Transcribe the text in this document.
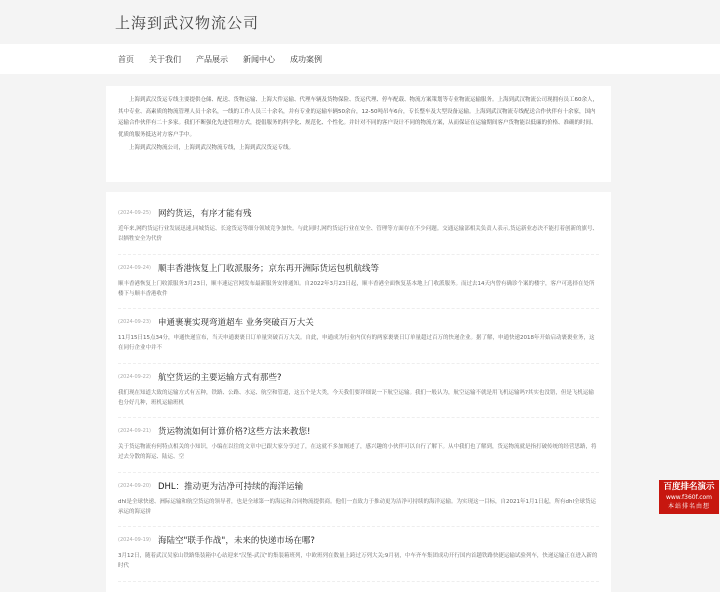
上海到武汉物流公司
首页 关于我们 产品展示 新闻中心 成功案例

上海到武汉货运专线主要提供仓储、配送、货物运输、上海大件运输、代理车辆及货物保险、货运代理、停车配载、物流方案策划等专业物流运输服务。上海到武汉物流公司现拥有员工60余人，其中专业、高素质的物流管理人员十余名，一线的工作人员三十余名，并有专业的运输车辆50余台，12-50吨吊车6台，专长整车及大型设备运输。上海到武汉物流专线配送合作伙伴有十余家，国内运输合作伙伴有二十多家。我们不断强化先进管理方式，提倡服务的科学化、规范化、个性化。并针对不同的客户设计不同的物流方案，从而保证在运输期间客户货物能以低廉的价格、准确的时间、优质的服务抵达对方客户手中。

上海到武汉物流公司，上海到武汉物流专线，上海到武汉货运专线。

(2024-09-25) 网约货运，有序才能有残
近年来,网约货运行业发展迅速,同城货运、长途货运等细分领域竞争加快。与此同时,网约货运行业在安全、管理等方面存在不少问题。交通运输部相关负责人表示,货运新业态决不能打着创新的旗号、以牺牲安全为代价
(2024-09-24) 顺丰香港恢复上门收派服务；京东再开洲际货运包机航线等
顺丰香港恢复上门收派服务3月23日，顺丰速运官网发布最新服务安排通知。自2022年3月23日起，顺丰香港全面恢复基本地上门收派服务。而过去14天内曾有确诊个案的楼宇，客户可选择在处所楼下与顺丰香港收件
(2024-09-23) 申通裹裹实现弯道超车 业务突破百万大关
11月15日15点34分，申通快递宣布，当天申通裹裹日订单量突破百万大关。自此，申通成为行业内仅有的两家裹裹日订单量超过百万的快递企业。据了解，申通快递2018年开始启动裹裹业务，这在同行企业中并不
(2024-09-22) 航空货运的主要运输方式有那些?
我们现在知道大致的运输方式有五种，铁路、公路、水运、航空和管道，这五个是大类，今天我们要详细说一下航空运输。我们一般认为，航空运输不就是用飞机运输吗?其实也没错，但是飞机运输也分好几种，班机运输班机
(2024-09-21) 货运物流如何计算价格?这些方法来教您!
关于货运物流有何特点相关的小知识，小编在以往的文章中已跟大家分享过了，在这就不多加阐述了，感兴趣的小伙伴可以自行了解下。从中我们也了解到，货运物流就是指打破传统的经营思路，将过去分散的海运、陆运、空
(2024-09-20) DHL：推动更为洁净可持续的海洋运输
dhl是全球快递、洲际运输和航空货运的领导者，也是全球第一的海运和合同物流提供商。他们一直致力于推动更为洁净可持续的海洋运输。为实现这一目标，自2021年1月1日起，所有dhl全球货运承运的海运拼
(2024-09-19) 海陆空"联手作战"，未来的快递市场在哪?
3月12日，随着武汉吴家山铁路集装箱中心站迎来"汉堡-武汉"的集装箱班列，中欧班列在数量上跨过万列大关;9月初，中车齐车集团成功开行国内首趟铁路快捷运输试验列车，快递运输正在进入新的时代
百度排名演示
www.f360f.com
本站排名由想
